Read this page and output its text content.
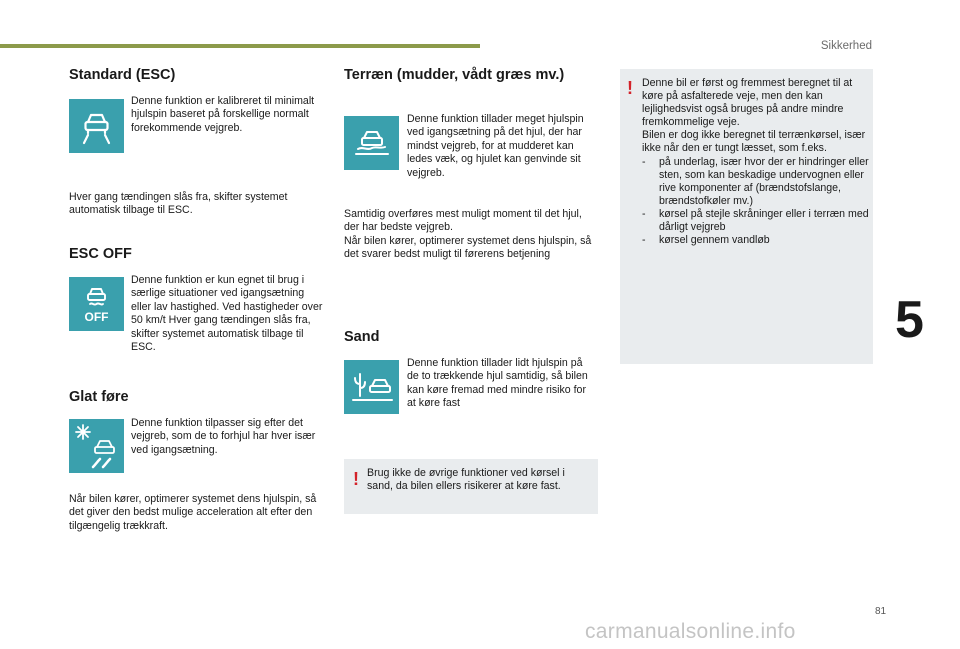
Sikkerhed
5
Standard (ESC)

Denne funktion er kalibreret til minimalt hjulspin baseret på forskellige normalt forekommende vejgreb.

Hver gang tændingen slås fra, skifter systemet automatisk tilbage til ESC.

ESC OFF
OFF

Denne funktion er kun egnet til brug i særlige situationer ved igangsætning eller lav hastighed. Ved hastigheder over 50 km/t Hver gang tændingen slås fra, skifter systemet automatisk tilbage til ESC.

Glat føre

Denne funktion tilpasser sig efter det vejgreb, som de to forhjul har hver især ved igangsætning.

Når bilen kører, optimerer systemet dens hjulspin, så det giver den bedst mulige acceleration alt efter den tilgængelig trækkraft.

Terræn (mudder, vådt græs mv.)

Denne funktion tillader meget hjulspin ved igangsætning på det hjul, der har mindst vejgreb, for at mudderet kan ledes væk, og hjulet kan genvinde sit vejgreb.

Samtidig overføres mest muligt moment til det hjul, der har bedste vejgreb.
Når bilen kører, optimerer systemet dens hjulspin, så det svarer bedst muligt til førerens betjening

Sand

Denne funktion tillader lidt hjulspin på de to trækkende hjul samtidig, så bilen kan køre fremad med mindre risiko for at køre fast

! Brug ikke de øvrige funktioner ved kørsel i sand, da bilen ellers risikerer at køre fast.

! Denne bil er først og fremmest beregnet til at køre på asfalterede veje, men den kan lejlighedsvist også bruges på andre mindre fremkommelige veje.
Bilen er dog ikke beregnet til terrænkørsel, især ikke når den er tungt læsset, som f.eks.
- på underlag, især hvor der er hindringer eller sten, som kan beskadige undervognen eller rive komponenter af (brændstofslange, brændstofkøler mv.)
- kørsel på stejle skråninger eller i terræn med dårligt vejgreb
- kørsel gennem vandløb
81
carmanualsonline.info
